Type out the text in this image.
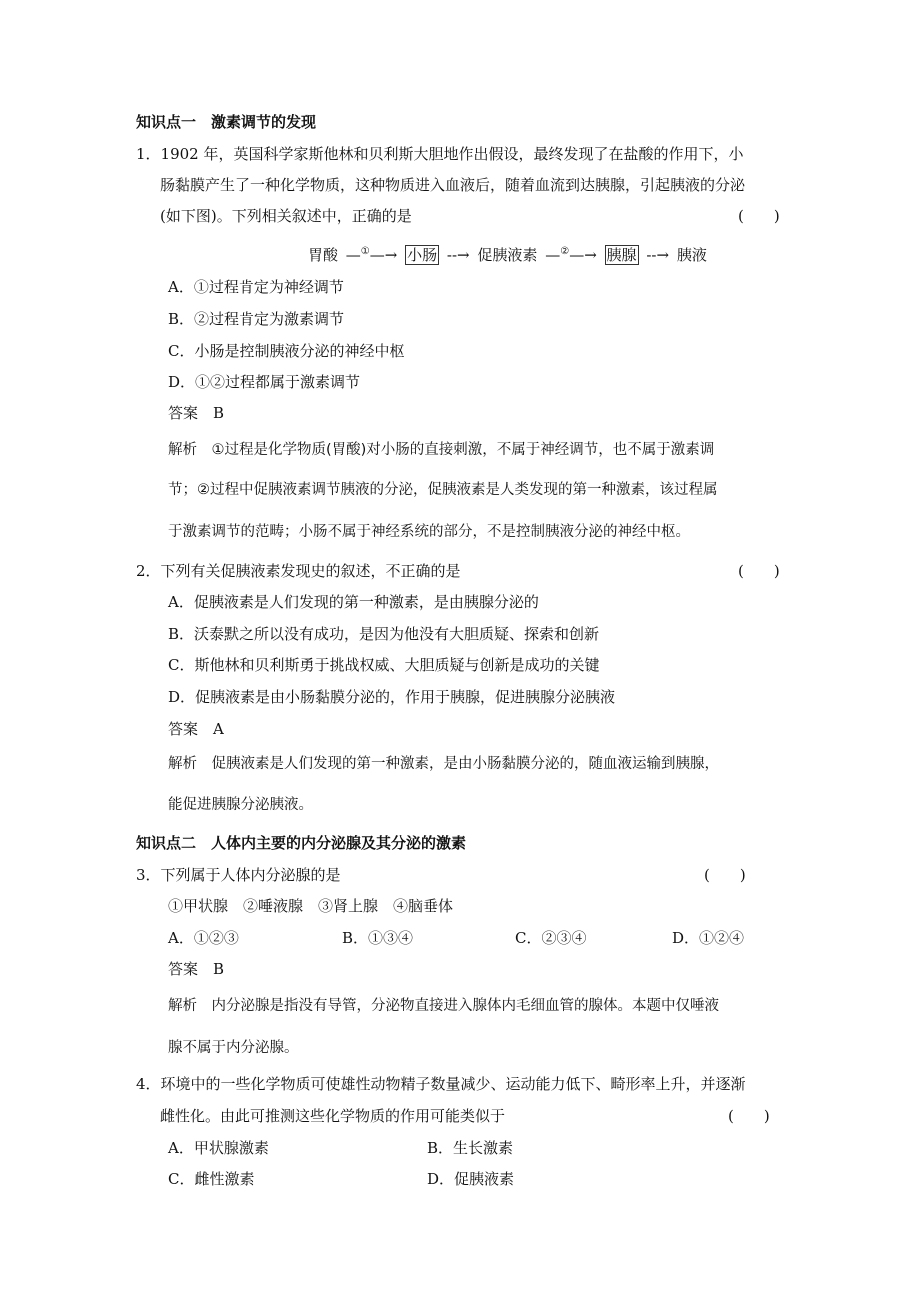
知识点一　激素调节的发现
1．1902 年，英国科学家斯他林和贝利斯大胆地作出假设，最终发现了在盐酸的作用下，小
肠黏膜产生了一种化学物质，这种物质进入血液后，随着血流到达胰腺，引起胰液的分泌
(如下图)。下列相关叙述中，正确的是	(　　)
胃酸 —①—→ 小肠 --→ 促胰液素 —②—→ 胰腺 --→ 胰液
A．①过程肯定为神经调节
B．②过程肯定为激素调节
C．小肠是控制胰液分泌的神经中枢
D．①②过程都属于激素调节
答案　B
解析　①过程是化学物质(胃酸)对小肠的直接刺激，不属于神经调节，也不属于激素调
节；②过程中促胰液素调节胰液的分泌，促胰液素是人类发现的第一种激素，该过程属
于激素调节的范畴；小肠不属于神经系统的部分，不是控制胰液分泌的神经中枢。
2．下列有关促胰液素发现史的叙述，不正确的是	(　　)
A．促胰液素是人们发现的第一种激素，是由胰腺分泌的
B．沃泰默之所以没有成功，是因为他没有大胆质疑、探索和创新
C．斯他林和贝利斯勇于挑战权威、大胆质疑与创新是成功的关键
D．促胰液素是由小肠黏膜分泌的，作用于胰腺，促进胰腺分泌胰液
答案　A
解析　促胰液素是人们发现的第一种激素，是由小肠黏膜分泌的，随血液运输到胰腺，
能促进胰腺分泌胰液。
知识点二　人体内主要的内分泌腺及其分泌的激素
3．下列属于人体内分泌腺的是	(　　)
①甲状腺　②唾液腺　③肾上腺　④脑垂体
A．①②③	B．①③④	C．②③④	D．①②④
答案　B
解析　内分泌腺是指没有导管，分泌物直接进入腺体内毛细血管的腺体。本题中仅唾液
腺不属于内分泌腺。
4．环境中的一些化学物质可使雄性动物精子数量减少、运动能力低下、畸形率上升，并逐渐
雌性化。由此可推测这些化学物质的作用可能类似于	(　　)
A．甲状腺激素	B．生长激素
C．雌性激素	D．促胰液素
